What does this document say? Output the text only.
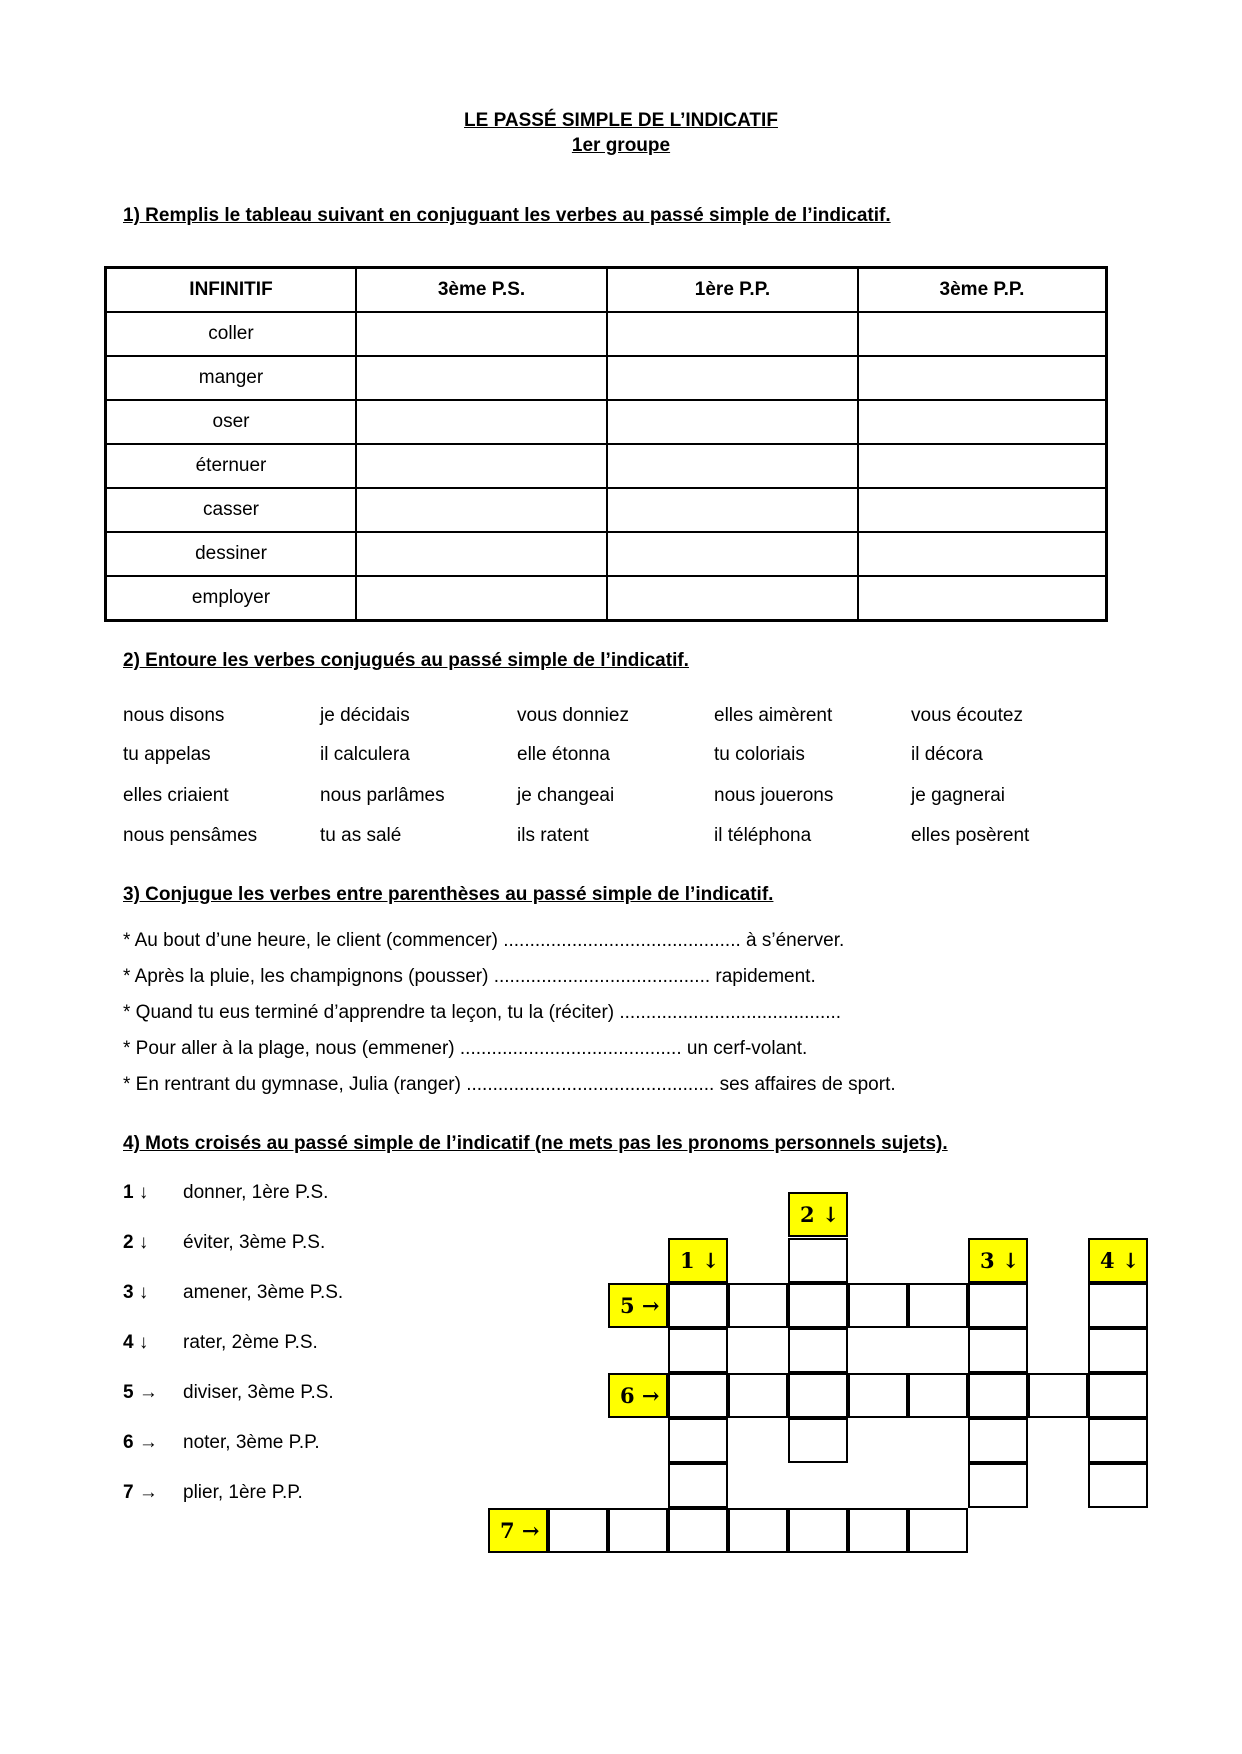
LE PASSÉ SIMPLE DE L’INDICATIF
1er groupe
1) Remplis le tableau suivant en conjuguant les verbes au passé simple de l’indicatif.
INFINITIF	3ème P.S.	1ère P.P.	3ème P.P.
coller			
manger			
oser			
éternuer			
casser			
dessiner			
employer			
2) Entoure les verbes conjugués au passé simple de l’indicatif.
nous disons	je décidais	vous donniez	elles aimèrent	vous écoutez
tu appelas	il calculera	elle étonna	tu coloriais	il décora
elles criaient	nous parlâmes	je changeai	nous jouerons	je gagnerai
nous pensâmes	tu as salé	ils ratent	il téléphona	elles posèrent
3) Conjugue les verbes entre parenthèses au passé simple de l’indicatif.
* Au bout d’une heure, le client (commencer) ............................................. à s’énerver.
* Après la pluie, les champignons (pousser) ......................................... rapidement.
* Quand tu eus terminé d’apprendre ta leçon, tu la (réciter) ..........................................
* Pour aller à la plage, nous (emmener) .......................................... un cerf-volant.
* En rentrant du gymnase, Julia (ranger) ............................................... ses affaires de sport.
4) Mots croisés au passé simple de l’indicatif (ne mets pas les pronoms personnels sujets).
1 ↓ donner, 1ère P.S.
2 ↓ éviter, 3ème P.S.
3 ↓ amener, 3ème P.S.
4 ↓ rater, 2ème P.S.
5 → diviser, 3ème P.S.
6 → noter, 3ème P.P.
7 → plier, 1ère P.P.
2 ↓
1 ↓	3 ↓	4 ↓
5 →
6 →
7 →
